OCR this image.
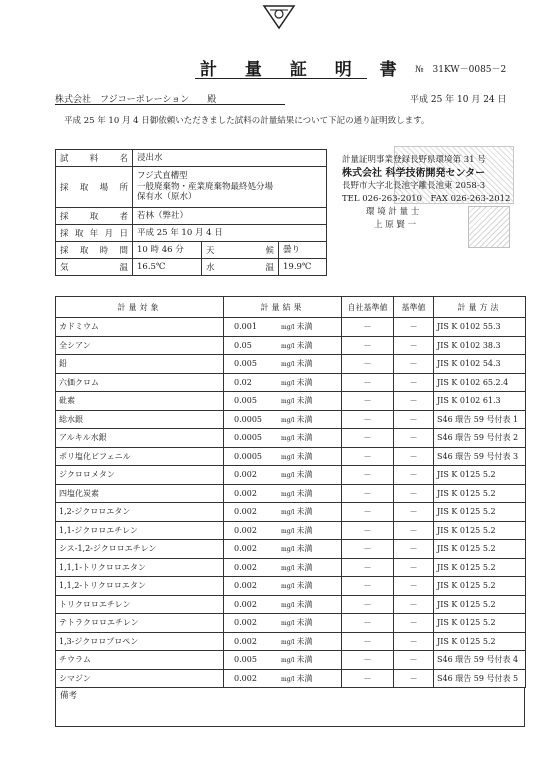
計 量 証 明 書 №　31KW－0085－2
株式会社　フジコーポレーション　　殿	平成 25 年 10 月 24 日
平成 25 年 10 月 4 日御依頼いただきました試料の計量結果について下記の通り証明致します。
試料名	浸出水		
採取場所	フジ式直槽型
一般廃棄物・産業廃棄物最終処分場
保有水（原水）		

採取者	若林（弊社）		
採取年月日	平成 25 年 10 月 4 日		
採取時間	10 時 46 分	天候	曇り
気温	16.5℃	水温	19.9℃
計量証明事業登録長野県環境第 31 号
株式会社 科学技術開発センター
長野市大字北長池字離長池東 2058-3
TEL 026-263-2010　FAX 026-263-2012
環 境 計 量 士
上 原 賢 一
計量対象	計量結果	自社基準値	基準値	計量方法
カドミウム	0.001 mg/l 未満	－	－	JIS K 0102 55.3
全シアン	0.05 mg/l 未満	－	－	JIS K 0102 38.3
鉛	0.005 mg/l 未満	－	－	JIS K 0102 54.3
六価クロム	0.02 mg/l 未満	－	－	JIS K 0102 65.2.4
砒素	0.005 mg/l 未満	－	－	JIS K 0102 61.3
総水銀	0.0005 mg/l 未満	－	－	S46 環告 59 号付表 1
アルキル水銀	0.0005 mg/l 未満	－	－	S46 環告 59 号付表 2
ポリ塩化ビフェニル	0.0005 mg/l 未満	－	－	S46 環告 59 号付表 3
ジクロロメタン	0.002 mg/l 未満	－	－	JIS K 0125 5.2
四塩化炭素	0.002 mg/l 未満	－	－	JIS K 0125 5.2
1,2-ジクロロエタン	0.002 mg/l 未満	－	－	JIS K 0125 5.2
1,1-ジクロロエチレン	0.002 mg/l 未満	－	－	JIS K 0125 5.2
シス-1,2-ジクロロエチレン	0.002 mg/l 未満	－	－	JIS K 0125 5.2
1,1,1-トリクロロエタン	0.002 mg/l 未満	－	－	JIS K 0125 5.2
1,1,2-トリクロロエタン	0.002 mg/l 未満	－	－	JIS K 0125 5.2
トリクロロエチレン	0.002 mg/l 未満	－	－	JIS K 0125 5.2
テトラクロロエチレン	0.002 mg/l 未満	－	－	JIS K 0125 5.2
1,3-ジクロロプロペン	0.002 mg/l 未満	－	－	JIS K 0125 5.2
チウラム	0.005 mg/l 未満	－	－	S46 環告 59 号付表 4
シマジン	0.002 mg/l 未満	－	－	S46 環告 59 号付表 5
備考
